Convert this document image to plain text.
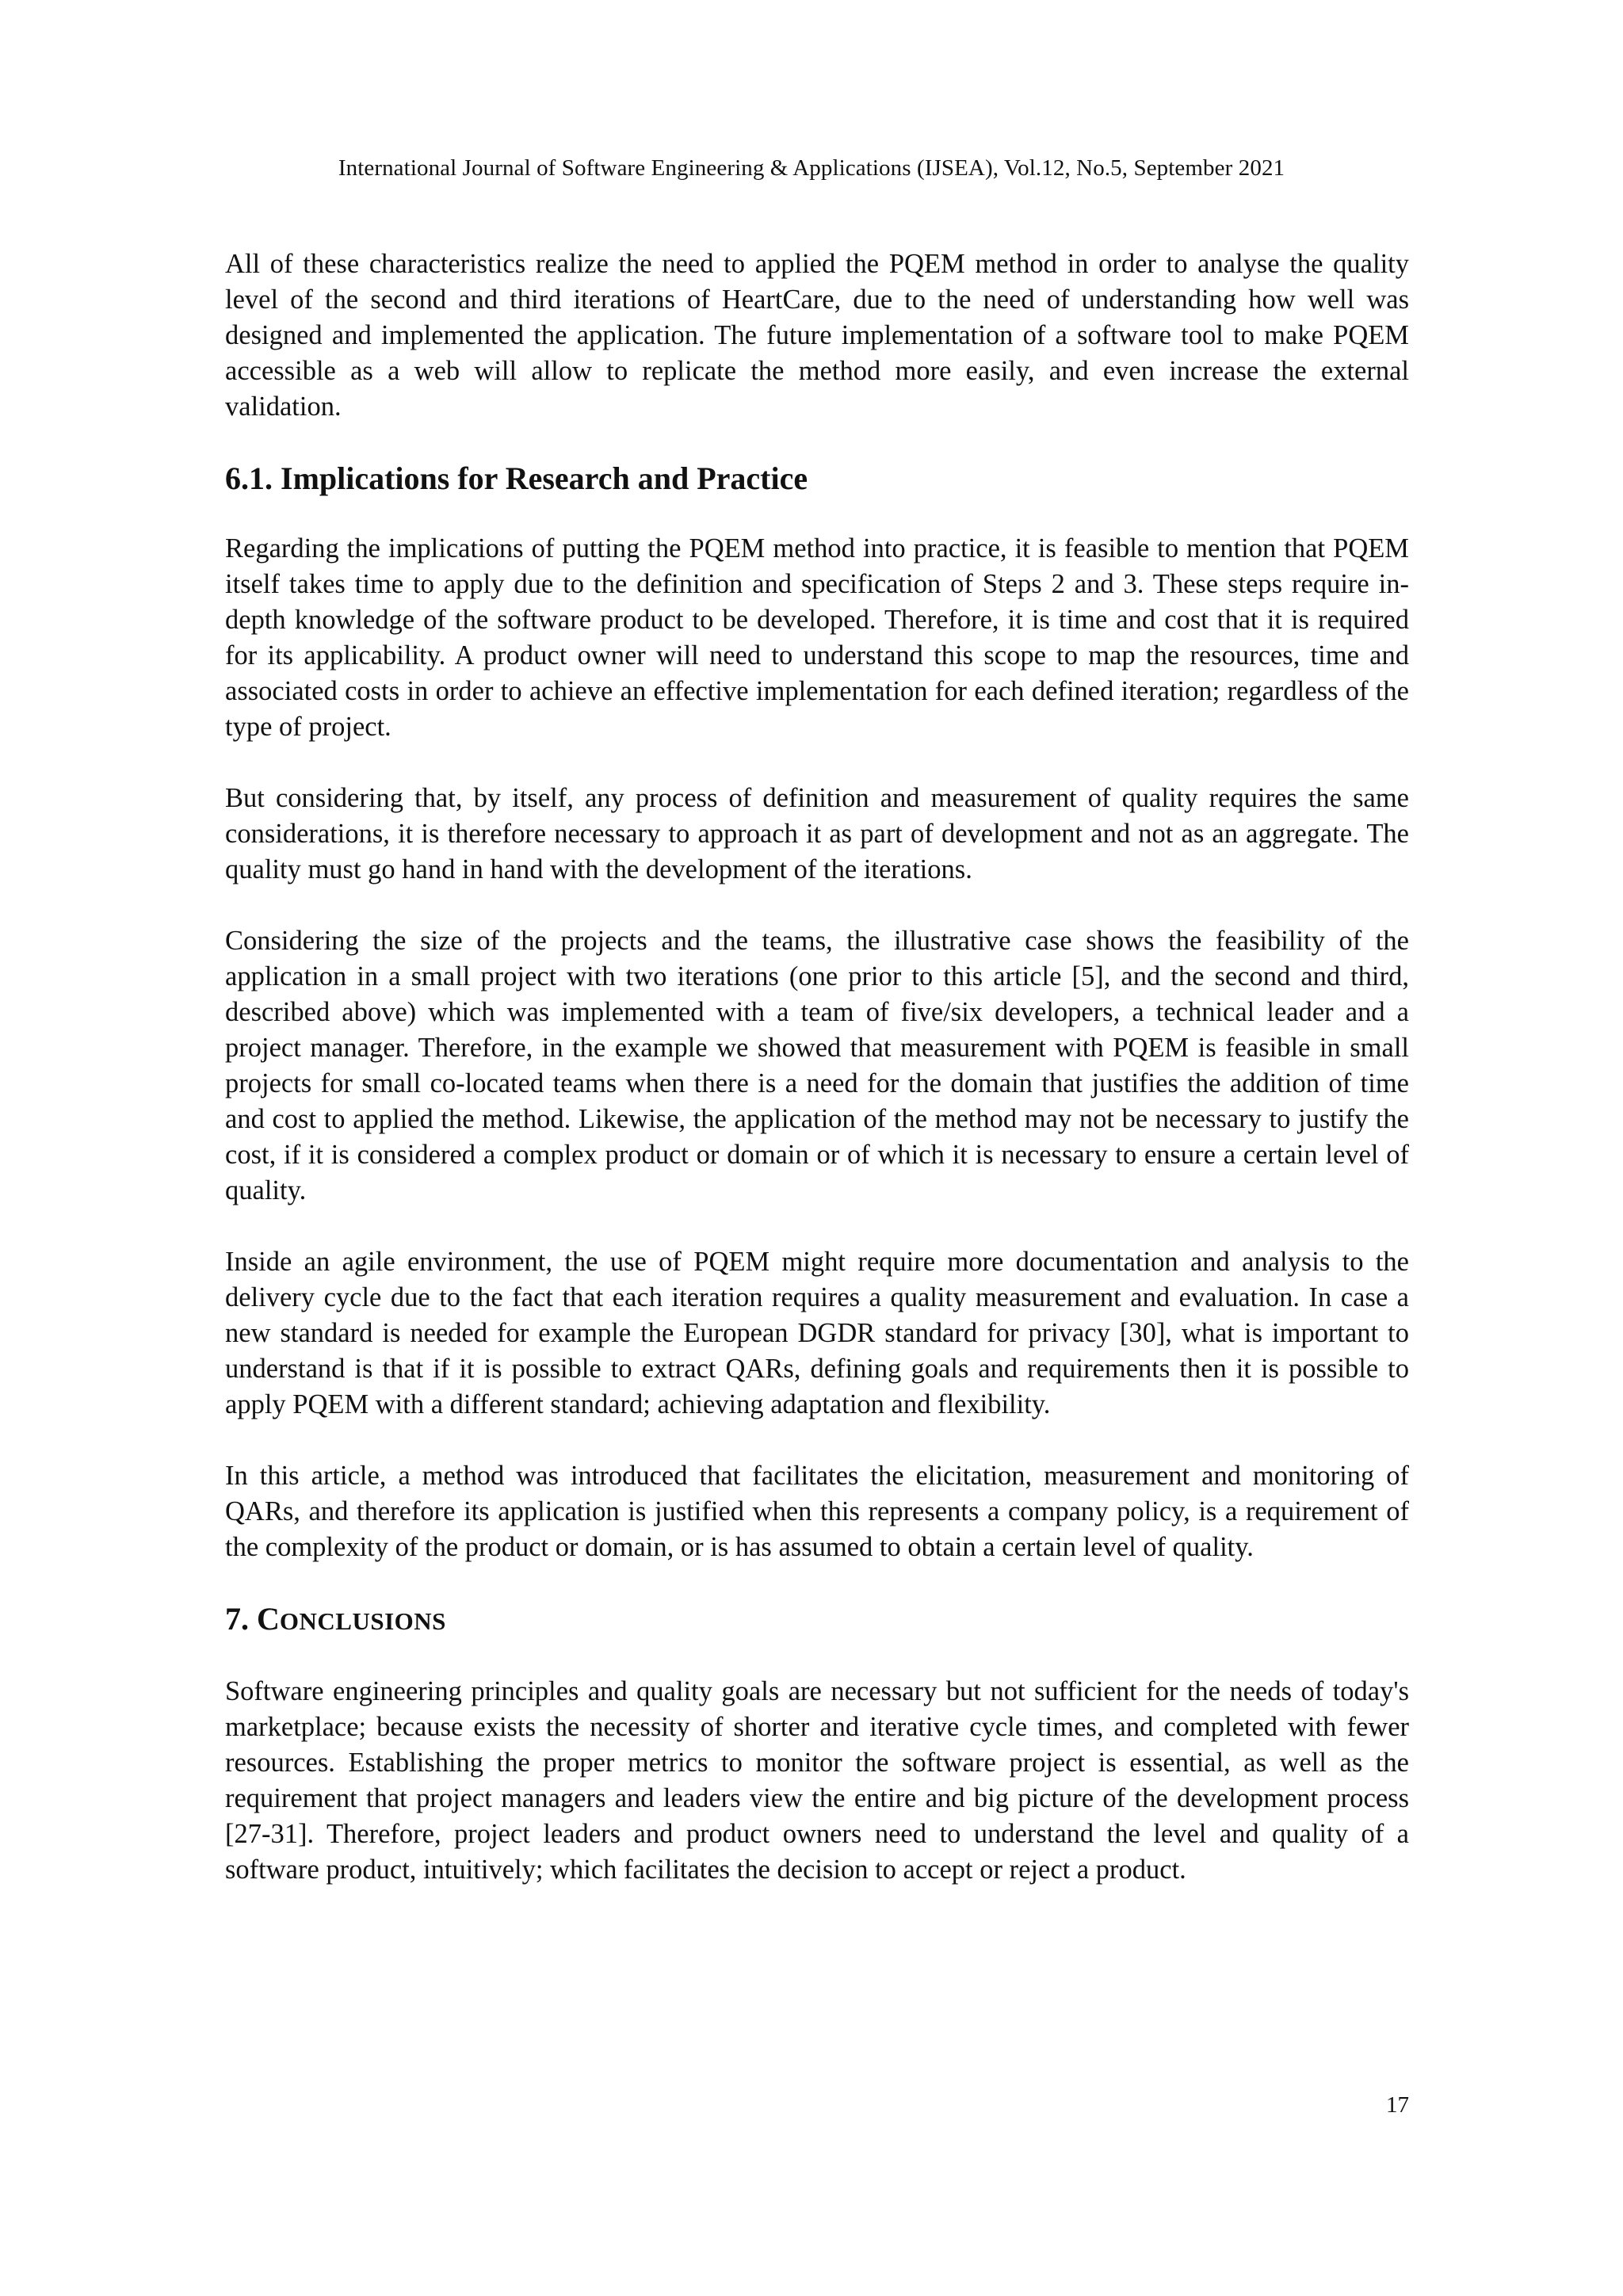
International Journal of Software Engineering & Applications (IJSEA), Vol.12, No.5, September 2021

All of these characteristics realize the need to applied the PQEM method in order to analyse the quality level of the second and third iterations of HeartCare, due to the need of understanding how well was designed and implemented the application. The future implementation of a software tool to make PQEM accessible as a web will allow to replicate the method more easily, and even increase the external validation.

6.1. Implications for Research and Practice

Regarding the implications of putting the PQEM method into practice, it is feasible to mention that PQEM itself takes time to apply due to the definition and specification of Steps 2 and 3. These steps require in-depth knowledge of the software product to be developed. Therefore, it is time and cost that it is required for its applicability. A product owner will need to understand this scope to map the resources, time and associated costs in order to achieve an effective implementation for each defined iteration; regardless of the type of project.

But considering that, by itself, any process of definition and measurement of quality requires the same considerations, it is therefore necessary to approach it as part of development and not as an aggregate. The quality must go hand in hand with the development of the iterations.

Considering the size of the projects and the teams, the illustrative case shows the feasibility of the application in a small project with two iterations (one prior to this article [5], and the second and third, described above) which was implemented with a team of five/six developers, a technical leader and a project manager. Therefore, in the example we showed that measurement with PQEM is feasible in small projects for small co-located teams when there is a need for the domain that justifies the addition of time and cost to applied the method. Likewise, the application of the method may not be necessary to justify the cost, if it is considered a complex product or domain or of which it is necessary to ensure a certain level of quality.

Inside an agile environment, the use of PQEM might require more documentation and analysis to the delivery cycle due to the fact that each iteration requires a quality measurement and evaluation. In case a new standard is needed for example the European DGDR standard for privacy [30], what is important to understand is that if it is possible to extract QARs, defining goals and requirements then it is possible to apply PQEM with a different standard; achieving adaptation and flexibility.

In this article, a method was introduced that facilitates the elicitation, measurement and monitoring of QARs, and therefore its application is justified when this represents a company policy, is a requirement of the complexity of the product or domain, or is has assumed to obtain a certain level of quality.

7. CONCLUSIONS

Software engineering principles and quality goals are necessary but not sufficient for the needs of today's marketplace; because exists the necessity of shorter and iterative cycle times, and completed with fewer resources. Establishing the proper metrics to monitor the software project is essential, as well as the requirement that project managers and leaders view the entire and big picture of the development process [27-31]. Therefore, project leaders and product owners need to understand the level and quality of a software product, intuitively; which facilitates the decision to accept or reject a product.

17
